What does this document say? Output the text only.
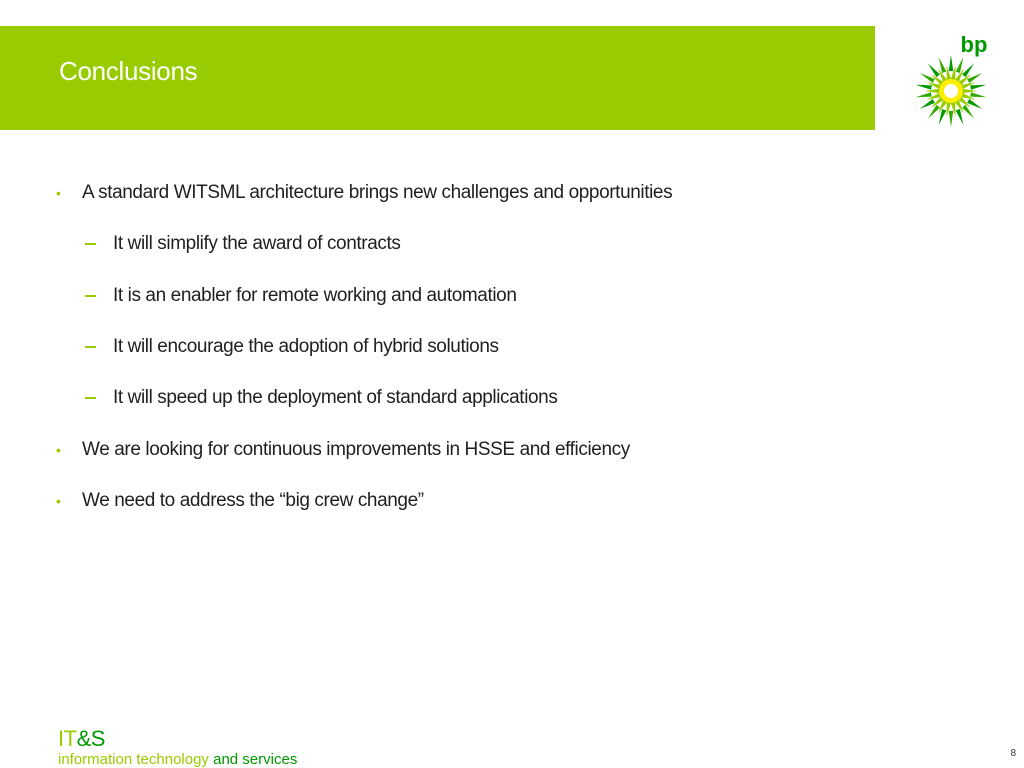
Conclusions
bp
• A standard WITSML architecture brings new challenges and opportunities
It will simplify the award of contracts
It is an enabler for remote working and automation
It will encourage the adoption of hybrid solutions
It will speed up the deployment of standard applications
• We are looking for continuous improvements in HSSE and efficiency
• We need to address the “big crew change”
IT&S
information technology and services	8
